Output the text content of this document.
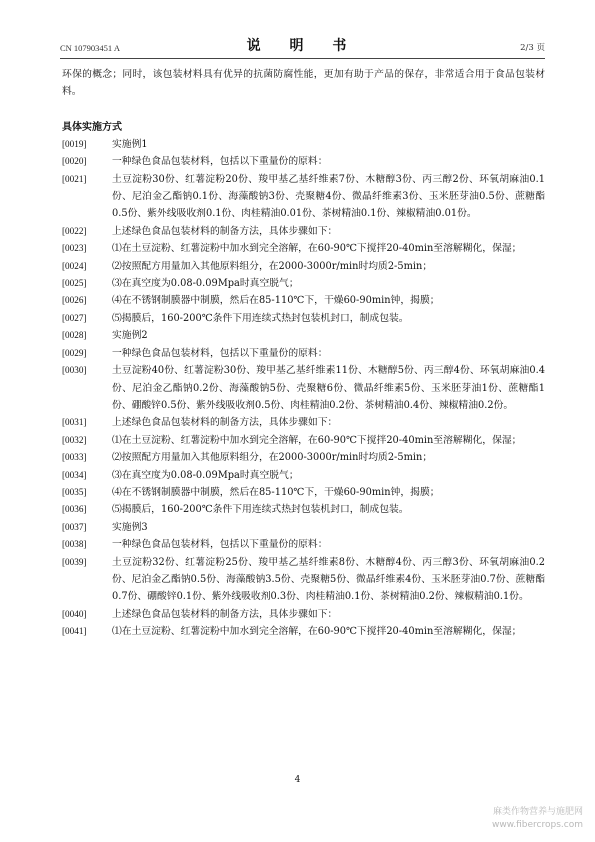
CN 107903451 A	说 明 书	2/3 页

环保的概念；同时，该包装材料具有优异的抗菌防腐性能，更加有助于产品的保存，非常适合用于食品包装材料。

具体实施方式
[0019]	实施例1
[0020]	一种绿色食品包装材料，包括以下重量份的原料：
[0021]	土豆淀粉30份、红薯淀粉20份、羧甲基乙基纤维素7份、木糖醇3份、丙三醇2份、环氧胡麻油0.1份、尼泊金乙酯钠0.1份、海藻酸钠3份、壳聚糖4份、微晶纤维素3份、玉米胚芽油0.5份、蔗糖酯0.5份、紫外线吸收剂0.1份、肉桂精油0.01份、茶树精油0.1份、辣椒精油0.01份。
[0022]	上述绿色食品包装材料的制备方法，具体步骤如下：
[0023]	⑴在土豆淀粉、红薯淀粉中加水到完全溶解，在60-90℃下搅拌20-40min至溶解糊化，保湿；
[0024]	⑵按照配方用量加入其他原料组分，在2000-3000r/min时均质2-5min；
[0025]	⑶在真空度为0.08-0.09Mpa时真空脱气；
[0026]	⑷在不锈钢制膜器中制膜，然后在85-110℃下，干燥60-90min钟，揭膜；
[0027]	⑸揭膜后，160-200℃条件下用连续式热封包装机封口，制成包装。
[0028]	实施例2
[0029]	一种绿色食品包装材料，包括以下重量份的原料：
[0030]	土豆淀粉40份、红薯淀粉30份、羧甲基乙基纤维素11份、木糖醇5份、丙三醇4份、环氧胡麻油0.4份、尼泊金乙酯钠0.2份、海藻酸钠5份、壳聚糖6份、微晶纤维素5份、玉米胚芽油1份、蔗糖酯1份、硼酸锌0.5份、紫外线吸收剂0.5份、肉桂精油0.2份、茶树精油0.4份、辣椒精油0.2份。
[0031]	上述绿色食品包装材料的制备方法，具体步骤如下：
[0032]	⑴在土豆淀粉、红薯淀粉中加水到完全溶解，在60-90℃下搅拌20-40min至溶解糊化，保湿；
[0033]	⑵按照配方用量加入其他原料组分，在2000-3000r/min时均质2-5min；
[0034]	⑶在真空度为0.08-0.09Mpa时真空脱气；
[0035]	⑷在不锈钢制膜器中制膜，然后在85-110℃下，干燥60-90min钟，揭膜；
[0036]	⑸揭膜后，160-200℃条件下用连续式热封包装机封口，制成包装。
[0037]	实施例3
[0038]	一种绿色食品包装材料，包括以下重量份的原料：
[0039]	土豆淀粉32份、红薯淀粉25份、羧甲基乙基纤维素8份、木糖醇4份、丙三醇3份、环氧胡麻油0.2份、尼泊金乙酯钠0.5份、海藻酸钠3.5份、壳聚糖5份、微晶纤维素4份、玉米胚芽油0.7份、蔗糖酯0.7份、硼酸锌0.1份、紫外线吸收剂0.3份、肉桂精油0.1份、茶树精油0.2份、辣椒精油0.1份。
[0040]	上述绿色食品包装材料的制备方法，具体步骤如下：
[0041]	⑴在土豆淀粉、红薯淀粉中加水到完全溶解，在60-90℃下搅拌20-40min至溶解糊化，保湿；
4
麻类作物营养与施肥网
www.fibercrops.com
